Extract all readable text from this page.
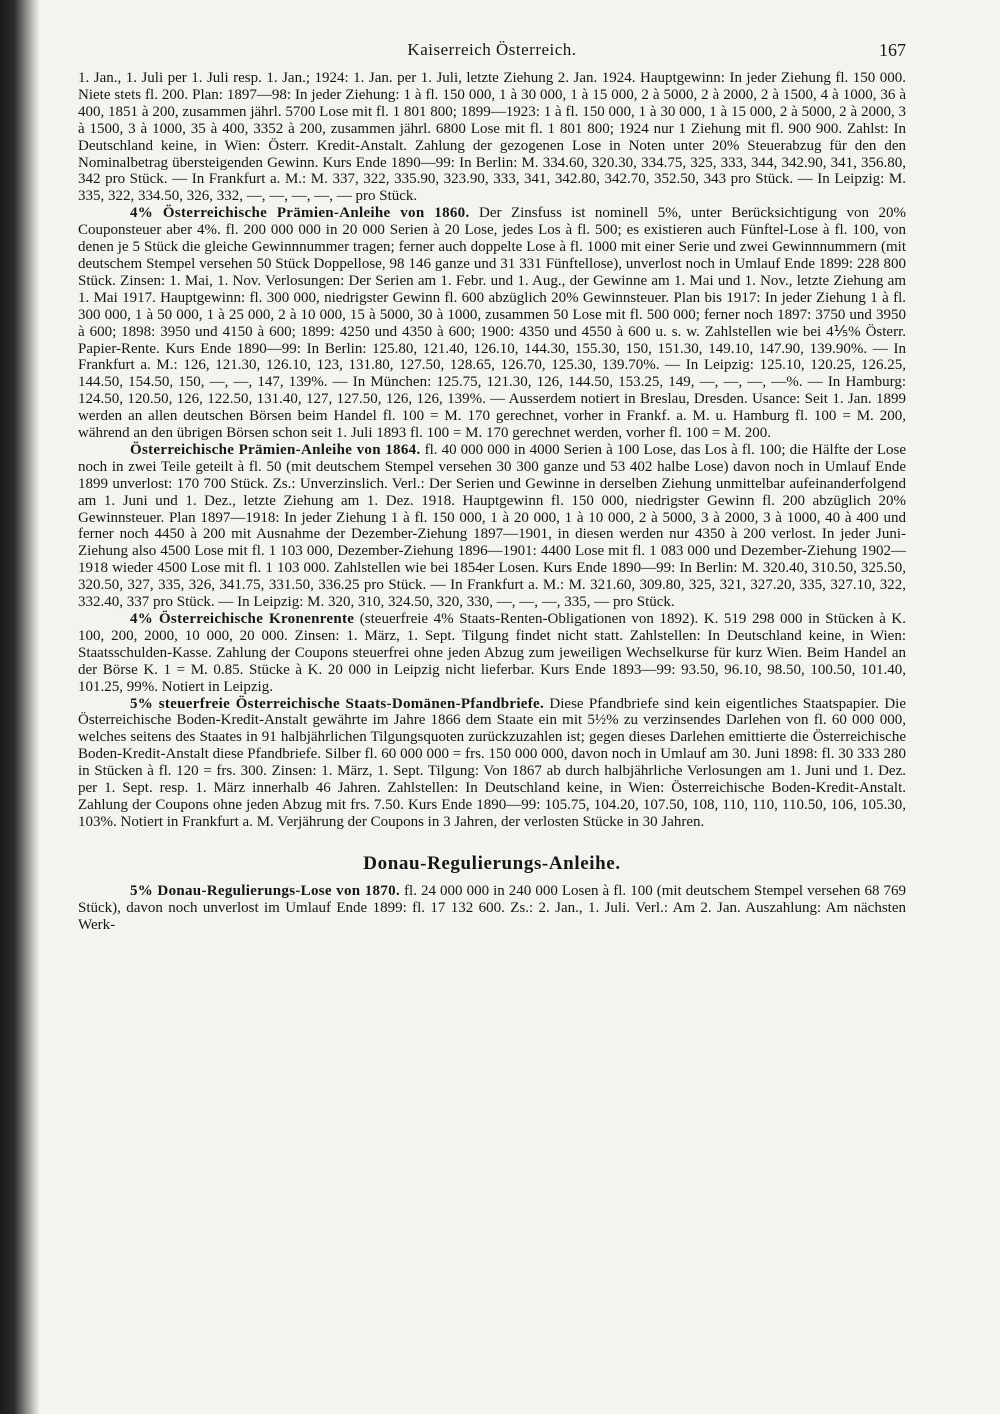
Kaiserreich Österreich.	167

1. Jan., 1. Juli per 1. Juli resp. 1. Jan.; 1924: 1. Jan. per 1. Juli, letzte Ziehung 2. Jan. 1924. Hauptgewinn: In jeder Ziehung fl. 150 000. Niete stets fl. 200. Plan: 1897—98: In jeder Ziehung: 1 à fl. 150 000, 1 à 30 000, 1 à 15 000, 2 à 5000, 2 à 2000, 2 à 1500, 4 à 1000, 36 à 400, 1851 à 200, zusammen jährl. 5700 Lose mit fl. 1 801 800; 1899—1923: 1 à fl. 150 000, 1 à 30 000, 1 à 15 000, 2 à 5000, 2 à 2000, 3 à 1500, 3 à 1000, 35 à 400, 3352 à 200, zusammen jährl. 6800 Lose mit fl. 1 801 800; 1924 nur 1 Ziehung mit fl. 900 900. Zahlst: In Deutschland keine, in Wien: Österr. Kredit-Anstalt. Zahlung der gezogenen Lose in Noten unter 20% Steuerabzug für den den Nominalbetrag übersteigenden Gewinn. Kurs Ende 1890—99: In Berlin: M. 334.60, 320.30, 334.75, 325, 333, 344, 342.90, 341, 356.80, 342 pro Stück. — In Frankfurt a. M.: M. 337, 322, 335.90, 323.90, 333, 341, 342.80, 342.70, 352.50, 343 pro Stück. — In Leipzig: M. 335, 322, 334.50, 326, 332, —, —, —, —, — pro Stück.

4% Österreichische Prämien-Anleihe von 1860. Der Zinsfuss ist nominell 5%, unter Berücksichtigung von 20% Couponsteuer aber 4%. fl. 200 000 000 in 20 000 Serien à 20 Lose, jedes Los à fl. 500; es existieren auch Fünftel-Lose à fl. 100, von denen je 5 Stück die gleiche Gewinnnummer tragen; ferner auch doppelte Lose à fl. 1000 mit einer Serie und zwei Gewinnnummern (mit deutschem Stempel versehen 50 Stück Doppellose, 98 146 ganze und 31 331 Fünftellose), unverlost noch in Umlauf Ende 1899: 228 800 Stück. Zinsen: 1. Mai, 1. Nov. Verlosungen: Der Serien am 1. Febr. und 1. Aug., der Gewinne am 1. Mai und 1. Nov., letzte Ziehung am 1. Mai 1917. Hauptgewinn: fl. 300 000, niedrigster Gewinn fl. 600 abzüglich 20% Gewinnsteuer. Plan bis 1917: In jeder Ziehung 1 à fl. 300 000, 1 à 50 000, 1 à 25 000, 2 à 10 000, 15 à 5000, 30 à 1000, zusammen 50 Lose mit fl. 500 000; ferner noch 1897: 3750 und 3950 à 600; 1898: 3950 und 4150 à 600; 1899: 4250 und 4350 à 600; 1900: 4350 und 4550 à 600 u. s. w. Zahlstellen wie bei 4⅕% Österr. Papier-Rente. Kurs Ende 1890—99: In Berlin: 125.80, 121.40, 126.10, 144.30, 155.30, 150, 151.30, 149.10, 147.90, 139.90%. — In Frankfurt a. M.: 126, 121.30, 126.10, 123, 131.80, 127.50, 128.65, 126.70, 125.30, 139.70%. — In Leipzig: 125.10, 120.25, 126.25, 144.50, 154.50, 150, —, —, 147, 139%. — In München: 125.75, 121.30, 126, 144.50, 153.25, 149, —, —, —, —%. — In Hamburg: 124.50, 120.50, 126, 122.50, 131.40, 127, 127.50, 126, 126, 139%. — Ausserdem notiert in Breslau, Dresden. Usance: Seit 1. Jan. 1899 werden an allen deutschen Börsen beim Handel fl. 100 = M. 170 gerechnet, vorher in Frankf. a. M. u. Hamburg fl. 100 = M. 200, während an den übrigen Börsen schon seit 1. Juli 1893 fl. 100 = M. 170 gerechnet werden, vorher fl. 100 = M. 200.

Österreichische Prämien-Anleihe von 1864. fl. 40 000 000 in 4000 Serien à 100 Lose, das Los à fl. 100; die Hälfte der Lose noch in zwei Teile geteilt à fl. 50 (mit deutschem Stempel versehen 30 300 ganze und 53 402 halbe Lose) davon noch in Umlauf Ende 1899 unverlost: 170 700 Stück. Zs.: Unverzinslich. Verl.: Der Serien und Gewinne in derselben Ziehung unmittelbar aufeinanderfolgend am 1. Juni und 1. Dez., letzte Ziehung am 1. Dez. 1918. Hauptgewinn fl. 150 000, niedrigster Gewinn fl. 200 abzüglich 20% Gewinnsteuer. Plan 1897—1918: In jeder Ziehung 1 à fl. 150 000, 1 à 20 000, 1 à 10 000, 2 à 5000, 3 à 2000, 3 à 1000, 40 à 400 und ferner noch 4450 à 200 mit Ausnahme der Dezember-Ziehung 1897—1901, in diesen werden nur 4350 à 200 verlost. In jeder Juni-Ziehung also 4500 Lose mit fl. 1 103 000, Dezember-Ziehung 1896—1901: 4400 Lose mit fl. 1 083 000 und Dezember-Ziehung 1902—1918 wieder 4500 Lose mit fl. 1 103 000. Zahlstellen wie bei 1854er Losen. Kurs Ende 1890—99: In Berlin: M. 320.40, 310.50, 325.50, 320.50, 327, 335, 326, 341.75, 331.50, 336.25 pro Stück. — In Frankfurt a. M.: M. 321.60, 309.80, 325, 321, 327.20, 335, 327.10, 322, 332.40, 337 pro Stück. — In Leipzig: M. 320, 310, 324.50, 320, 330, —, —, —, 335, — pro Stück.

4% Österreichische Kronenrente (steuerfreie 4% Staats-Renten-Obligationen von 1892). K. 519 298 000 in Stücken à K. 100, 200, 2000, 10 000, 20 000. Zinsen: 1. März, 1. Sept. Tilgung findet nicht statt. Zahlstellen: In Deutschland keine, in Wien: Staatsschulden-Kasse. Zahlung der Coupons steuerfrei ohne jeden Abzug zum jeweiligen Wechselkurse für kurz Wien. Beim Handel an der Börse K. 1 = M. 0.85. Stücke à K. 20 000 in Leipzig nicht lieferbar. Kurs Ende 1893—99: 93.50, 96.10, 98.50, 100.50, 101.40, 101.25, 99%. Notiert in Leipzig.

5% steuerfreie Österreichische Staats-Domänen-Pfandbriefe. Diese Pfandbriefe sind kein eigentliches Staatspapier. Die Österreichische Boden-Kredit-Anstalt gewährte im Jahre 1866 dem Staate ein mit 5½% zu verzinsendes Darlehen von fl. 60 000 000, welches seitens des Staates in 91 halbjährlichen Tilgungsquoten zurückzuzahlen ist; gegen dieses Darlehen emittierte die Österreichische Boden-Kredit-Anstalt diese Pfandbriefe. Silber fl. 60 000 000 = frs. 150 000 000, davon noch in Umlauf am 30. Juni 1898: fl. 30 333 280 in Stücken à fl. 120 = frs. 300. Zinsen: 1. März, 1. Sept. Tilgung: Von 1867 ab durch halbjährliche Verlosungen am 1. Juni und 1. Dez. per 1. Sept. resp. 1. März innerhalb 46 Jahren. Zahlstellen: In Deutschland keine, in Wien: Österreichische Boden-Kredit-Anstalt. Zahlung der Coupons ohne jeden Abzug mit frs. 7.50. Kurs Ende 1890—99: 105.75, 104.20, 107.50, 108, 110, 110, 110.50, 106, 105.30, 103%. Notiert in Frankfurt a. M. Verjährung der Coupons in 3 Jahren, der verlosten Stücke in 30 Jahren.

Donau-Regulierungs-Anleihe.

5% Donau-Regulierungs-Lose von 1870. fl. 24 000 000 in 240 000 Losen à fl. 100 (mit deutschem Stempel versehen 68 769 Stück), davon noch unverlost im Umlauf Ende 1899: fl. 17 132 600. Zs.: 2. Jan., 1. Juli. Verl.: Am 2. Jan. Auszahlung: Am nächsten Werk-
